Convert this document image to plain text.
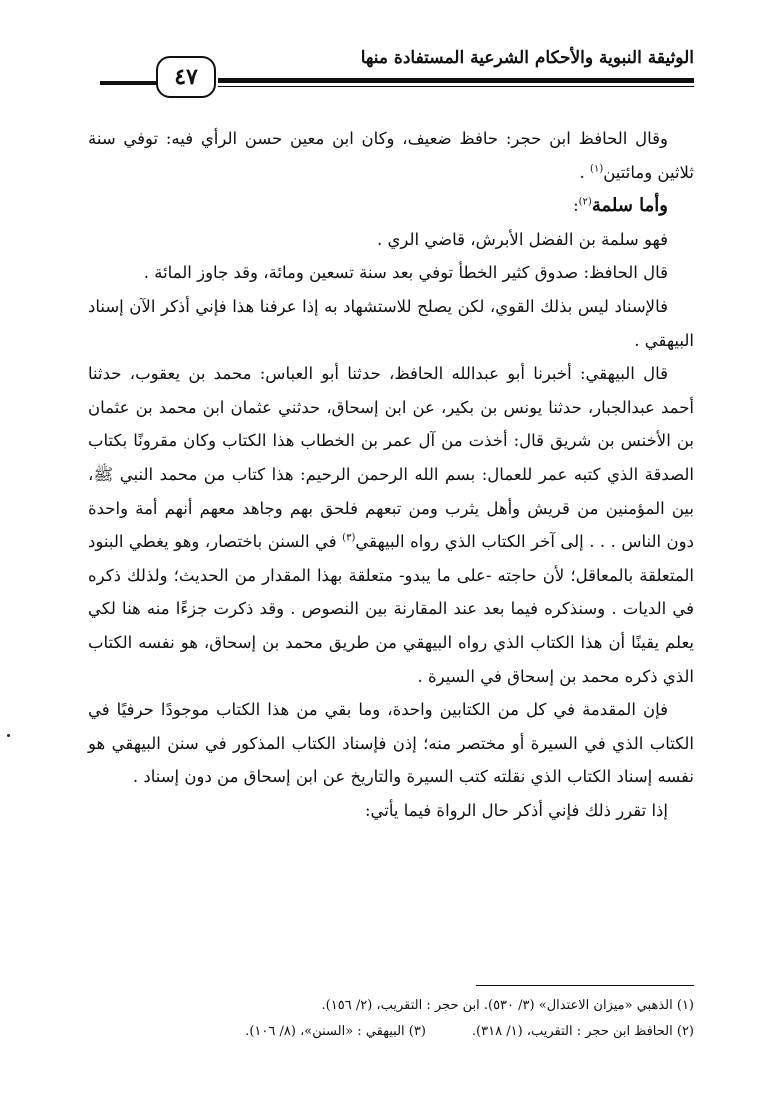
الوثيقة النبوية والأحكام الشرعية المستفادة منها
٤٧

وقال الحافظ ابن حجر: حافظ ضعيف، وكان ابن معين حسن الرأي فيه: توفي سنة ثلاثين ومائتين$^{(١)}$ .

وأما سلمة$^{(٢)}$:

فهو سلمة بن الفضل الأبرش، قاضي الري .

قال الحافظ: صدوق كثير الخطأ توفي بعد سنة تسعين ومائة، وقد جاوز المائة .

فالإسناد ليس بذلك القوي، لكن يصلح للاستشهاد به إذا عرفنا هذا فإني أذكر الآن إسناد البيهقي .

قال البيهقي: أخبرنا أبو عبدالله الحافظ، حدثنا أبو العباس: محمد بن يعقوب، حدثنا أحمد عبدالجبار، حدثنا يونس بن بكير، عن ابن إسحاق، حدثني عثمان ابن محمد بن عثمان بن الأخنس بن شريق قال: أخذت من آل عمر بن الخطاب هذا الكتاب وكان مقرونًا بكتاب الصدقة الذي كتبه عمر للعمال: بسم الله الرحمن الرحيم: هذا كتاب من محمد النبي ﷺ، بين المؤمنين من قريش وأهل يثرب ومن تبعهم فلحق بهم وجاهد معهم أنهم أمة واحدة دون الناس . . . إلى آخر الكتاب الذي رواه البيهقي$^{(٣)}$ في السنن باختصار، وهو يغطي البنود المتعلقة بالمعاقل؛ لأن حاجته -على ما يبدو- متعلقة بهذا المقدار من الحديث؛ ولذلك ذكره في الديات . وسنذكره فيما بعد عند المقارنة بين النصوص . وقد ذكرت جزءًا منه هنا لكي يعلم يقينًا أن هذا الكتاب الذي رواه البيهقي من طريق محمد بن إسحاق، هو نفسه الكتاب الذي ذكره محمد بن إسحاق في السيرة .

فإن المقدمة في كل من الكتابين واحدة، وما بقي من هذا الكتاب موجودًا حرفيًا في الكتاب الذي في السيرة أو مختصر منه؛ إذن فإسناد الكتاب المذكور في سنن البيهقي هو نفسه إسناد الكتاب الذي نقلته كتب السيرة والتاريخ عن ابن إسحاق من دون إسناد .

إذا تقرر ذلك فإني أذكر حال الرواة فيما يأتي:

(١) الذهبي «ميزان الاعتدال» (٣/ ٥٣٠). ابن حجر : التقريب، (٢/ ١٥٦).
(٢) الحافظ ابن حجر : التقريب، (١/ ٣١٨).(٣) البيهقي : «السنن»، (٨/ ١٠٦).
